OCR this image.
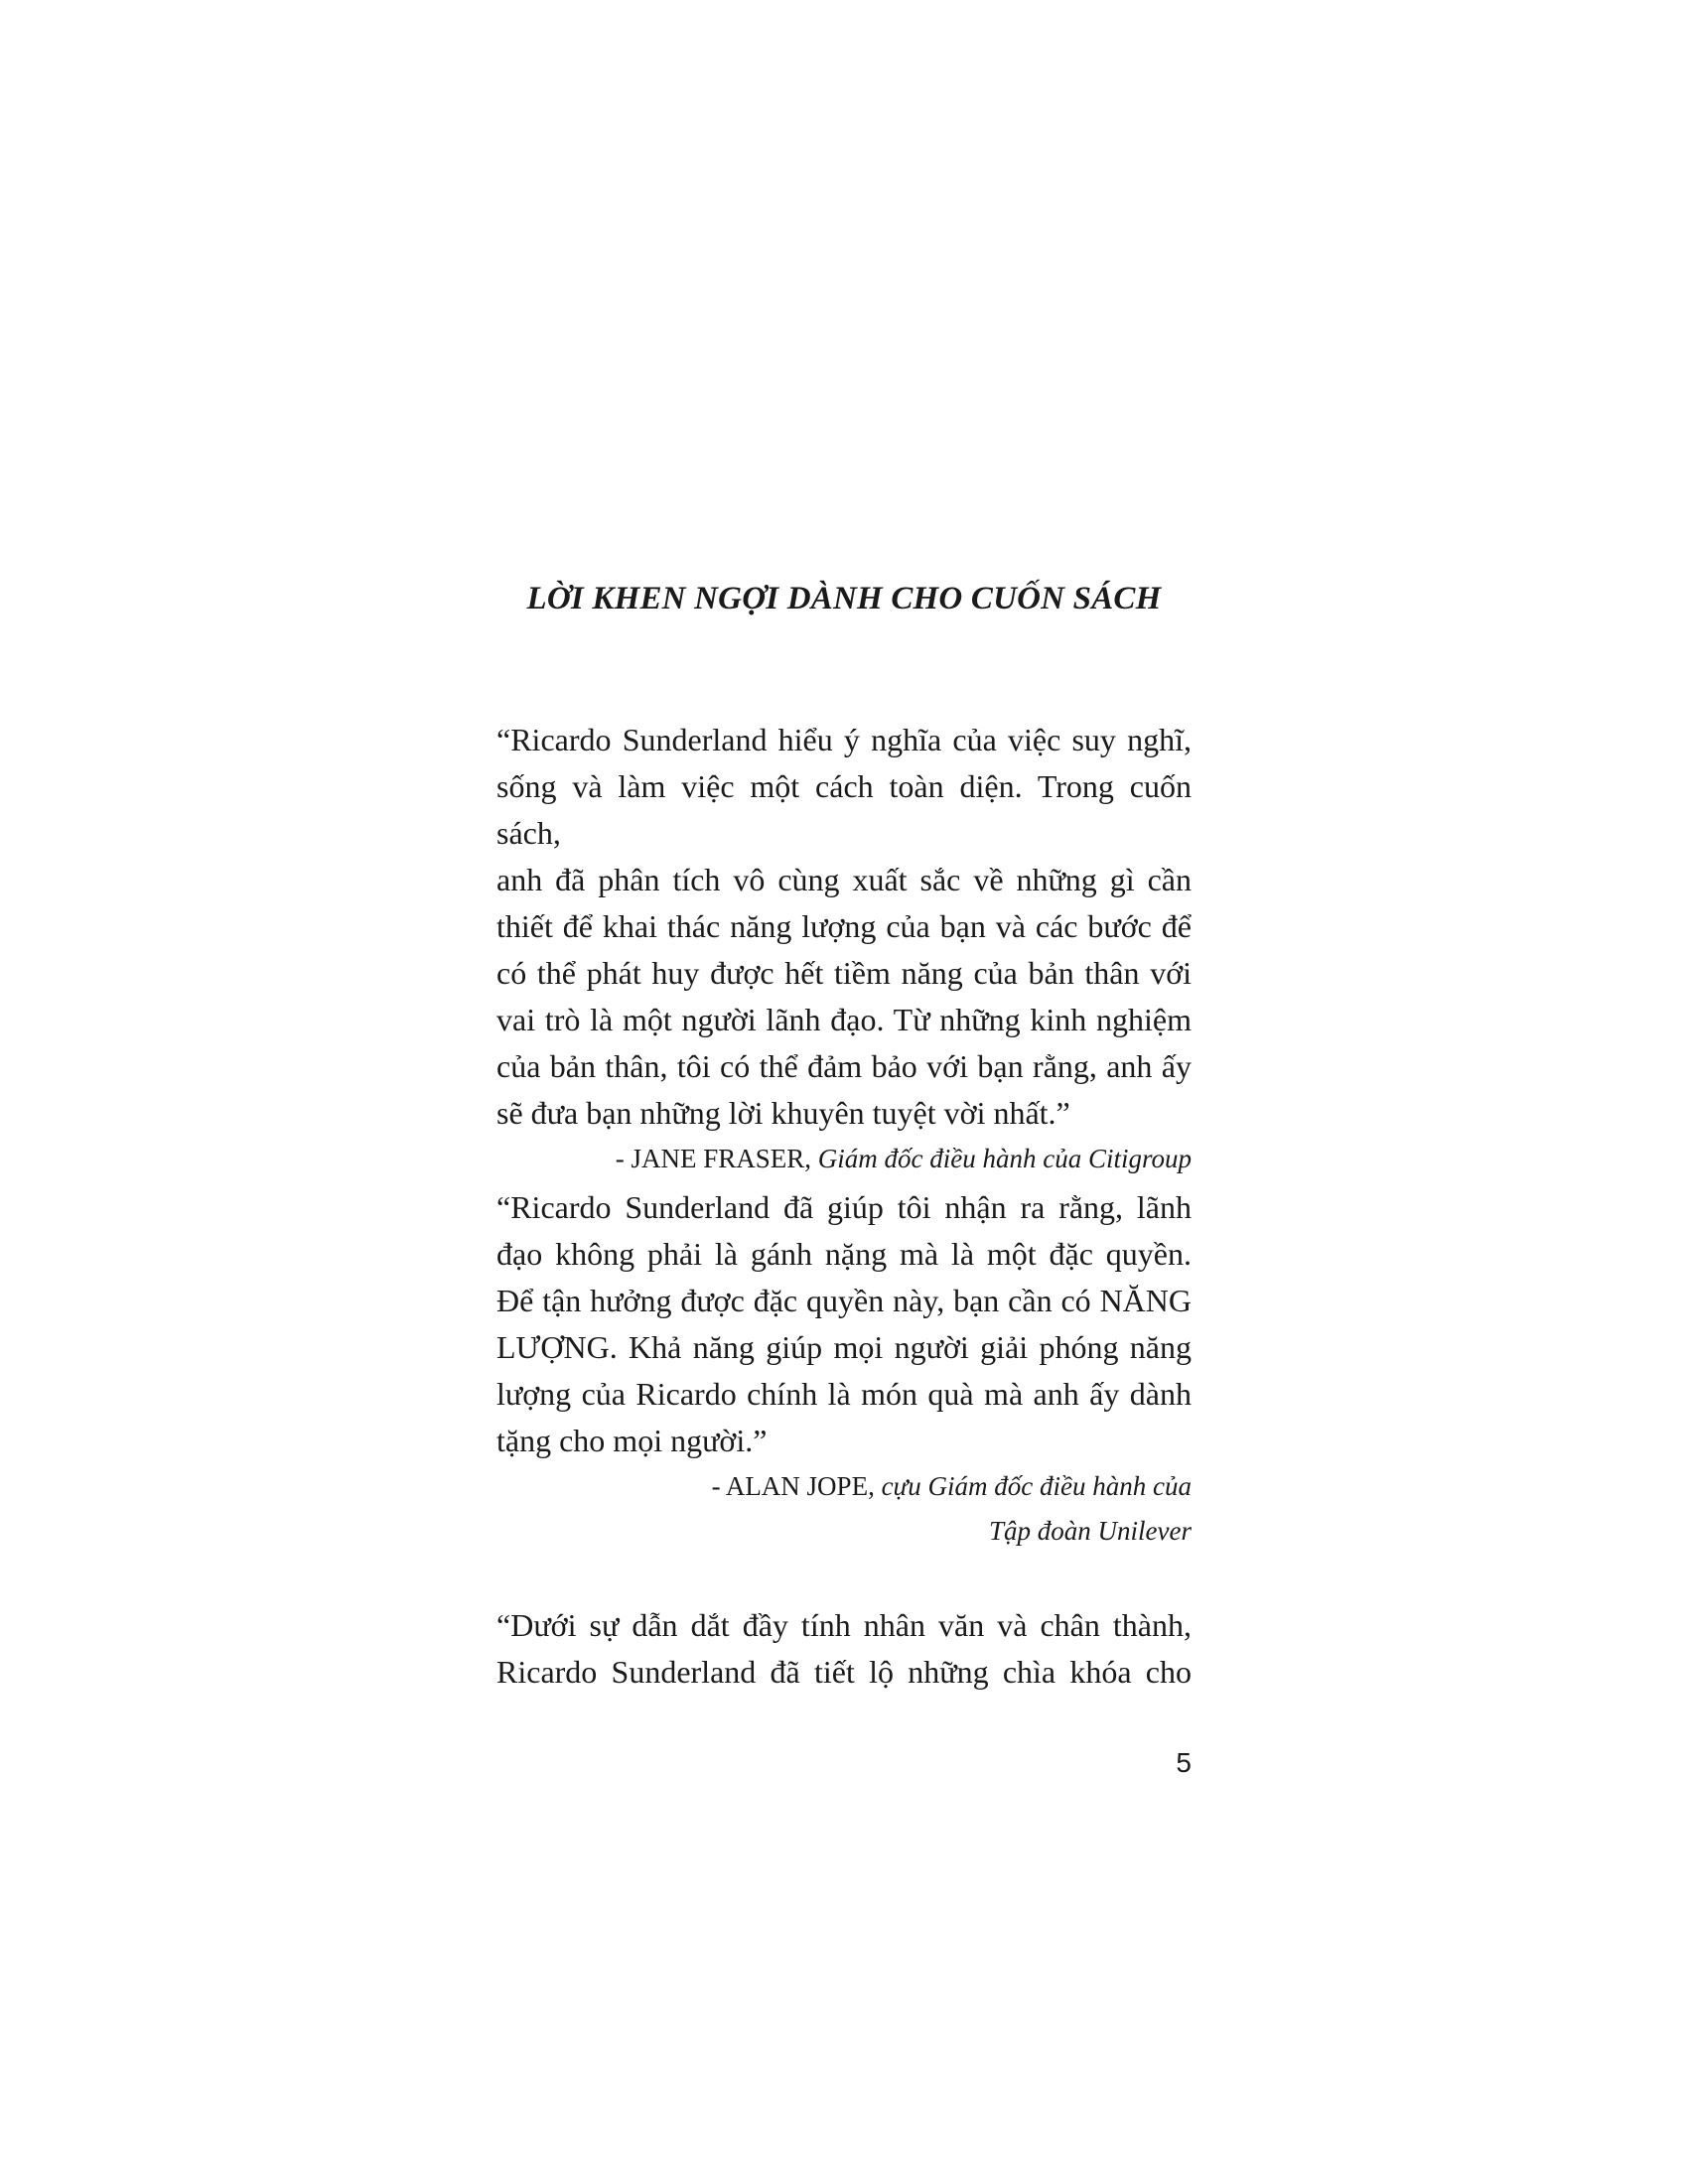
LỜI KHEN NGỢI DÀNH CHO CUỐN SÁCH

“Ricardo Sunderland hiểu ý nghĩa của việc suy nghĩ,
sống và làm việc một cách toàn diện. Trong cuốn sách,
anh đã phân tích vô cùng xuất sắc về những gì cần
thiết để khai thác năng lượng của bạn và các bước để
có thể phát huy được hết tiềm năng của bản thân với
vai trò là một người lãnh đạo. Từ những kinh nghiệm
của bản thân, tôi có thể đảm bảo với bạn rằng, anh ấy
sẽ đưa bạn những lời khuyên tuyệt vời nhất.”

- JANE FRASER, Giám đốc điều hành của Citigroup

“Ricardo Sunderland đã giúp tôi nhận ra rằng, lãnh
đạo không phải là gánh nặng mà là một đặc quyền.
Để tận hưởng được đặc quyền này, bạn cần có NĂNG
LƯỢNG. Khả năng giúp mọi người giải phóng năng
lượng của Ricardo chính là món quà mà anh ấy dành
tặng cho mọi người.”

- ALAN JOPE, cựu Giám đốc điều hành của
Tập đoàn Unilever

“Dưới sự dẫn dắt đầy tính nhân văn và chân thành,
Ricardo Sunderland đã tiết lộ những chìa khóa cho

5
